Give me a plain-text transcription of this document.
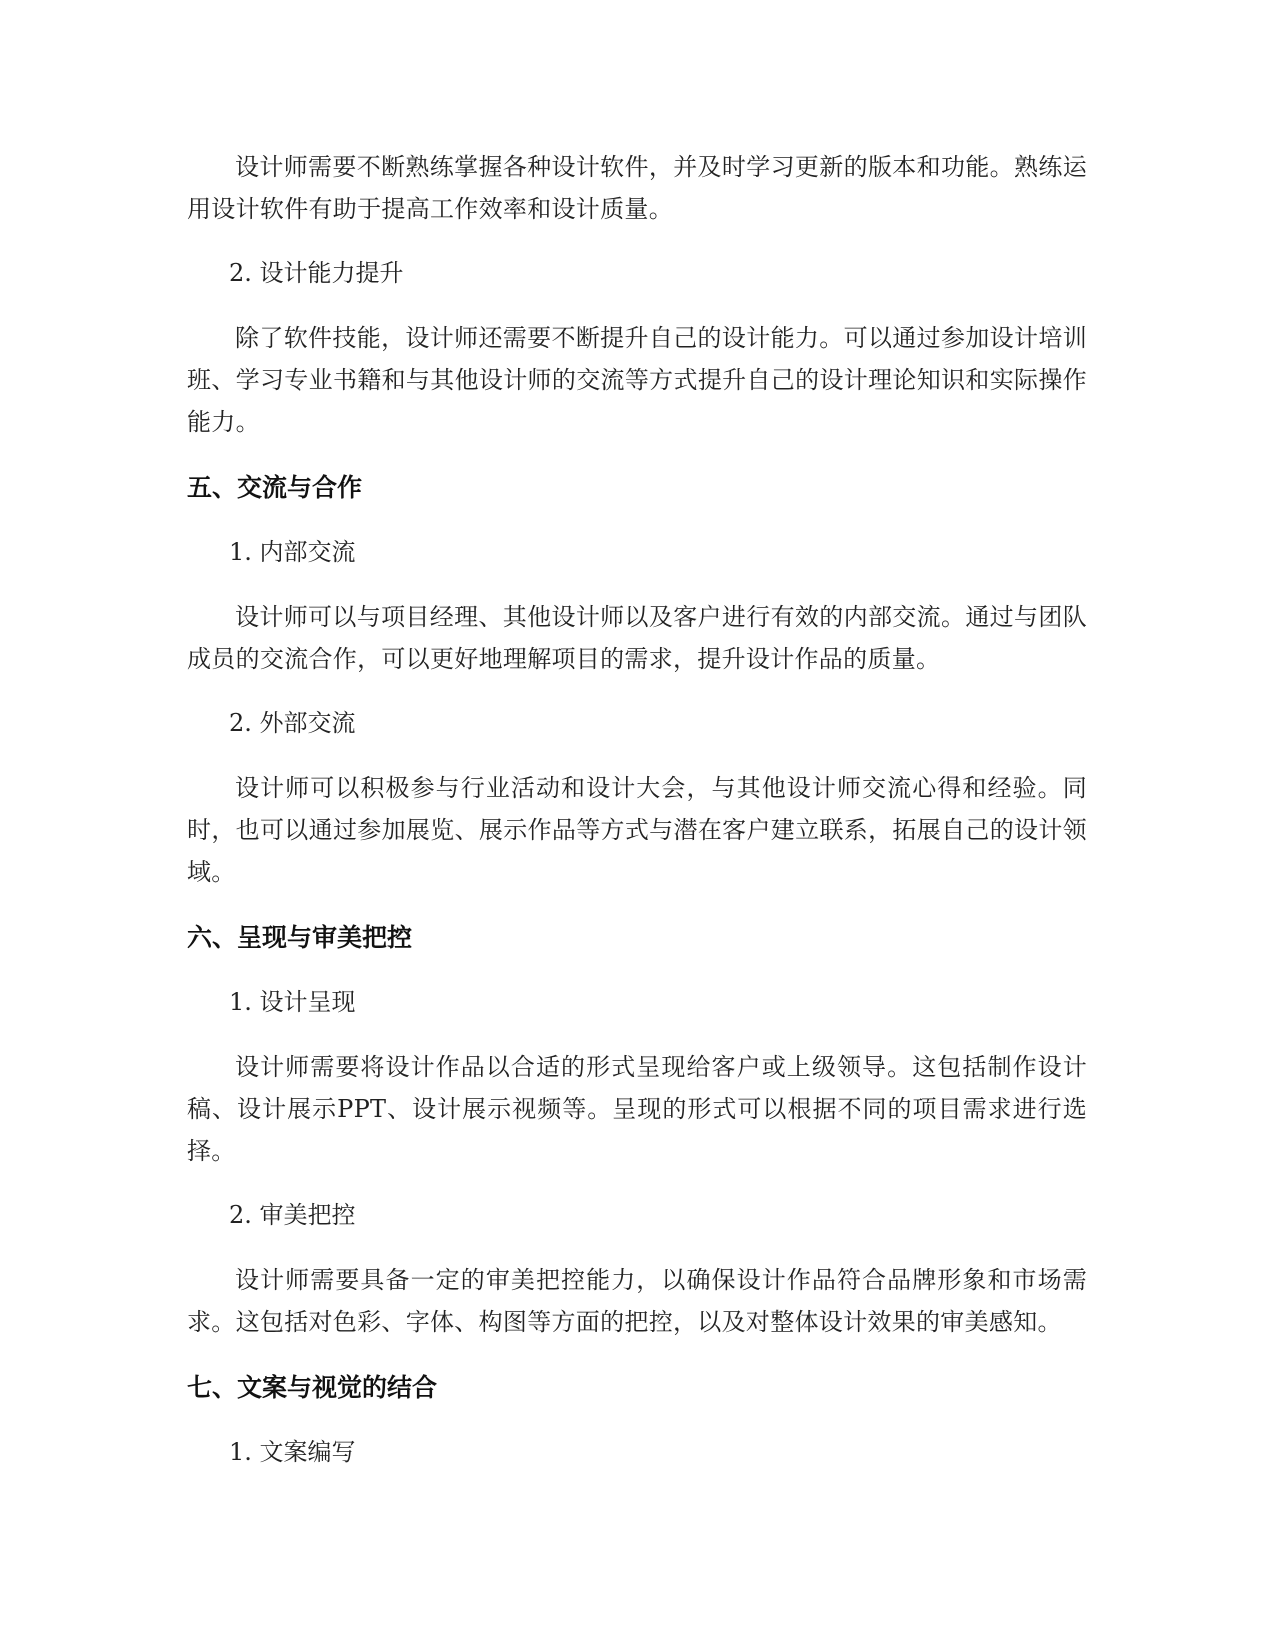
设计师需要不断熟练掌握各种设计软件，并及时学习更新的版本和功能。熟练运用设计软件有助于提高工作效率和设计质量。

2. 设计能力提升

除了软件技能，设计师还需要不断提升自己的设计能力。可以通过参加设计培训班、学习专业书籍和与其他设计师的交流等方式提升自己的设计理论知识和实际操作能力。

五、交流与合作

1. 内部交流

设计师可以与项目经理、其他设计师以及客户进行有效的内部交流。通过与团队成员的交流合作，可以更好地理解项目的需求，提升设计作品的质量。

2. 外部交流

设计师可以积极参与行业活动和设计大会，与其他设计师交流心得和经验。同时，也可以通过参加展览、展示作品等方式与潜在客户建立联系，拓展自己的设计领域。

六、呈现与审美把控

1. 设计呈现

设计师需要将设计作品以合适的形式呈现给客户或上级领导。这包括制作设计稿、设计展示PPT、设计展示视频等。呈现的形式可以根据不同的项目需求进行选择。

2. 审美把控

设计师需要具备一定的审美把控能力，以确保设计作品符合品牌形象和市场需求。这包括对色彩、字体、构图等方面的把控，以及对整体设计效果的审美感知。

七、文案与视觉的结合

1. 文案编写
